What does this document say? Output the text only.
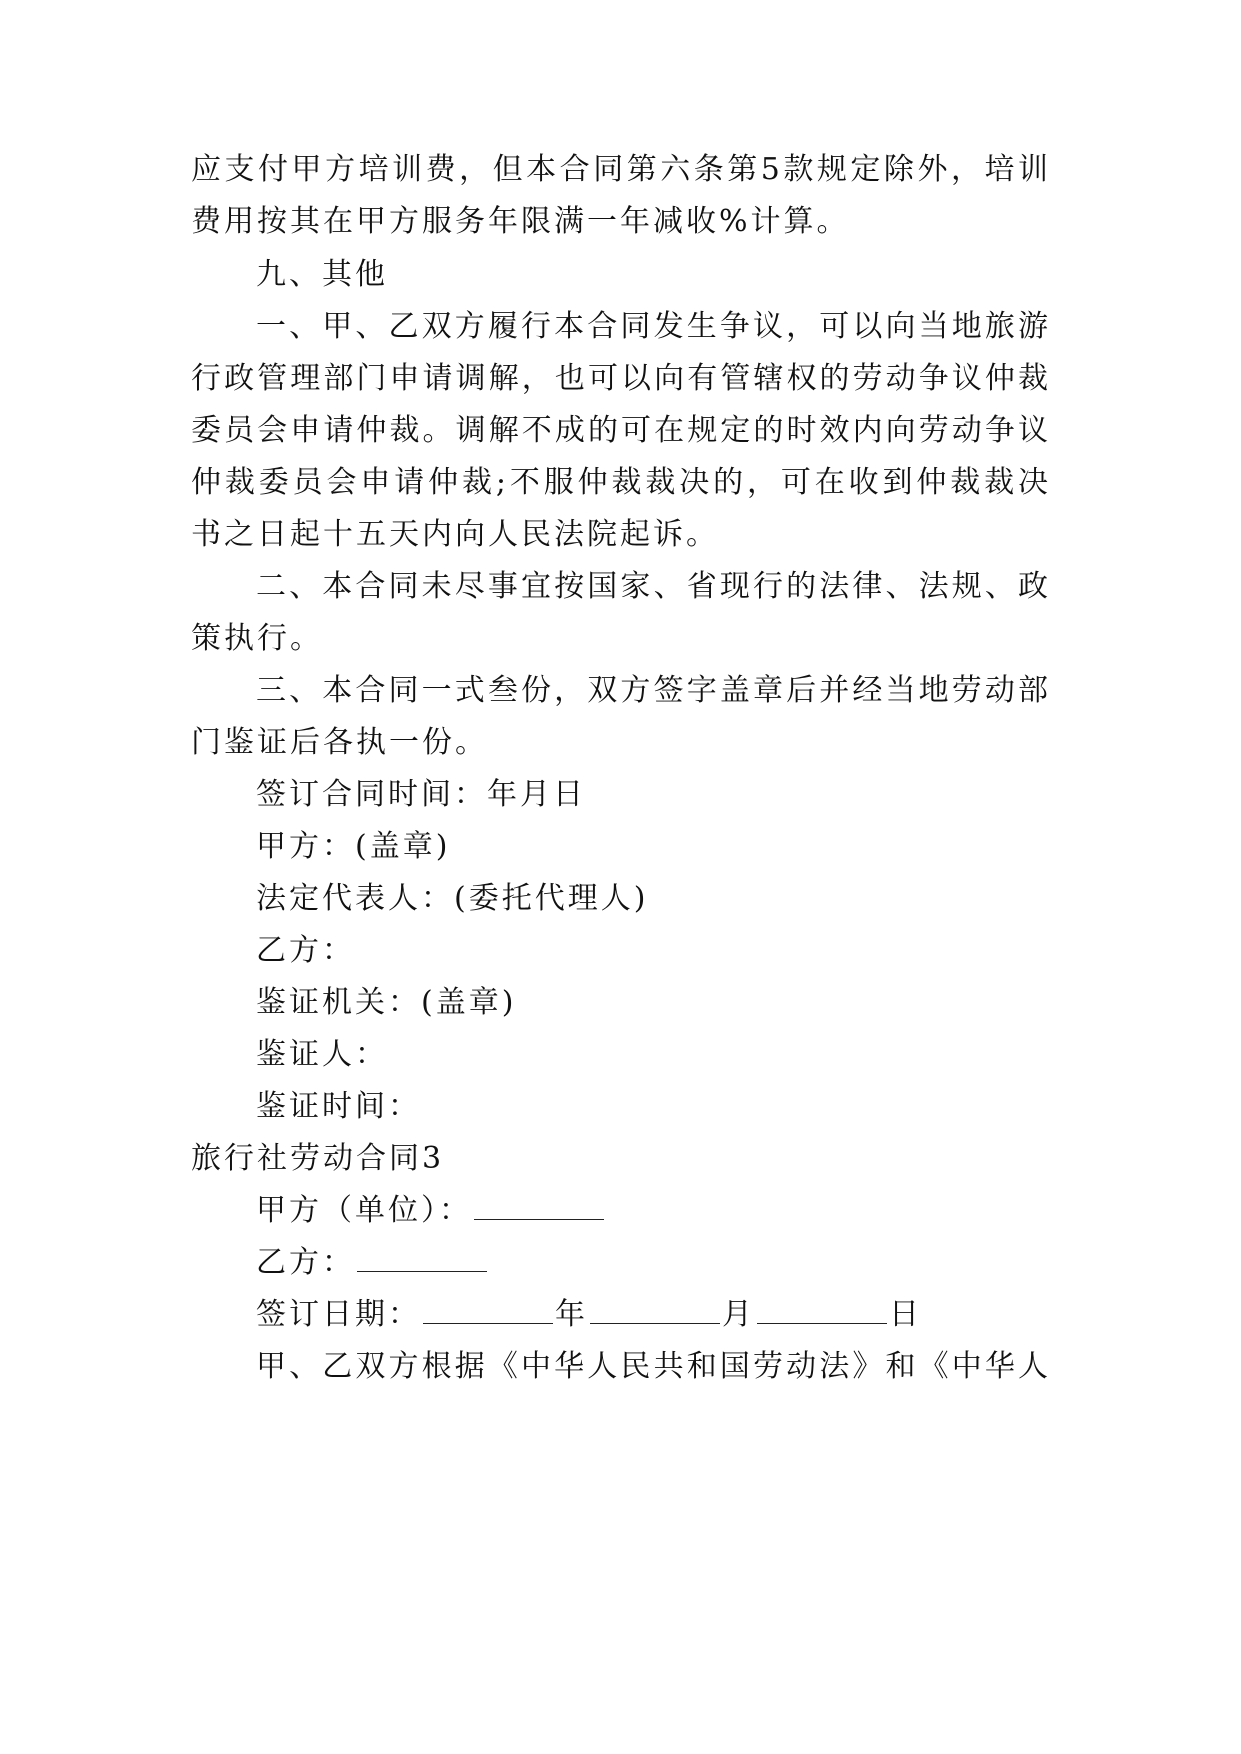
应支付甲方培训费，但本合同第六条第5款规定除外，培训
费用按其在甲方服务年限满一年减收%计算。
九、其他
一、甲、乙双方履行本合同发生争议，可以向当地旅游
行政管理部门申请调解，也可以向有管辖权的劳动争议仲裁
委员会申请仲裁。调解不成的可在规定的时效内向劳动争议
仲裁委员会申请仲裁;不服仲裁裁决的，可在收到仲裁裁决
书之日起十五天内向人民法院起诉。
二、本合同未尽事宜按国家、省现行的法律、法规、政
策执行。
三、本合同一式叁份，双方签字盖章后并经当地劳动部
门鉴证后各执一份。
签订合同时间：年月日
甲方：(盖章)
法定代表人：(委托代理人)
乙方：
鉴证机关：(盖章)
鉴证人：
鉴证时间：
旅行社劳动合同3
甲方（单位）：
乙方：
签订日期：	年	月	日
甲、乙双方根据《中华人民共和国劳动法》和《中华人
